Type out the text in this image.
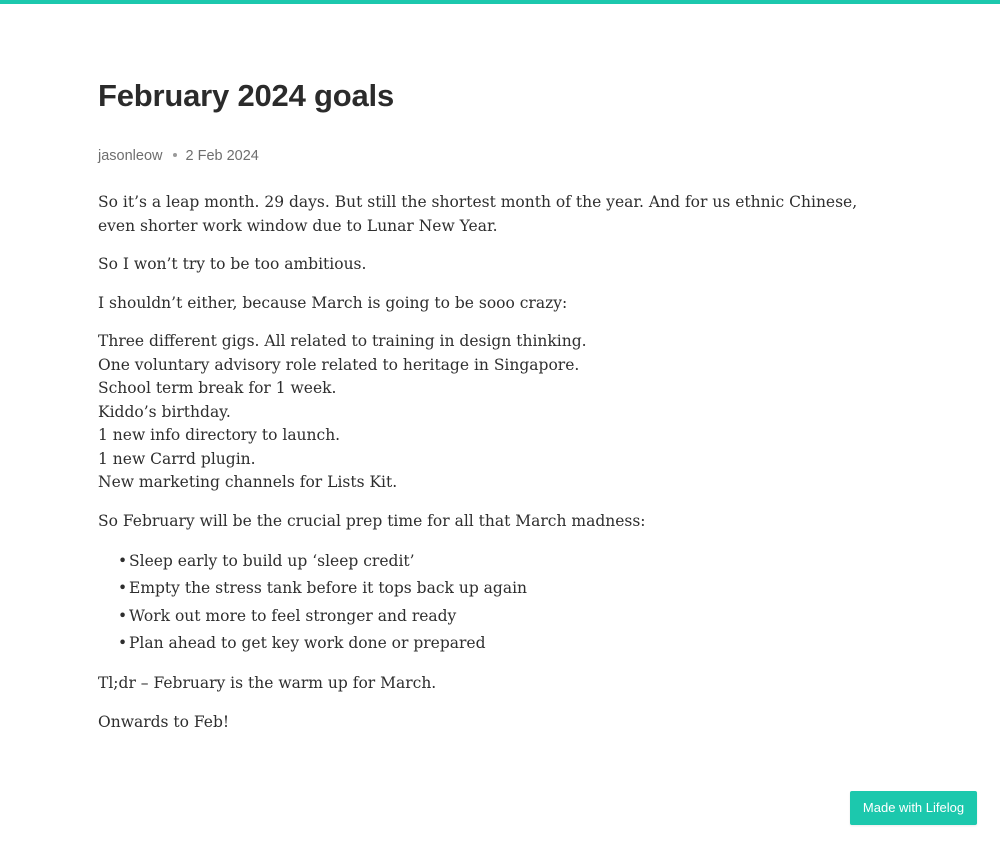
February 2024 goals
jasonleow 2 Feb 2024

So it’s a leap month. 29 days. But still the shortest month of the year. And for us ethnic Chinese, even shorter work window due to Lunar New Year.

So I won’t try to be too ambitious.

I shouldn’t either, because March is going to be sooo crazy:

Three different gigs. All related to training in design thinking.
One voluntary advisory role related to heritage in Singapore.
School term break for 1 week.
Kiddo’s birthday.
1 new info directory to launch.
1 new Carrd plugin.
New marketing channels for Lists Kit.

So February will be the crucial prep time for all that March madness:

• Sleep early to build up ‘sleep credit’
• Empty the stress tank before it tops back up again
• Work out more to feel stronger and ready
• Plan ahead to get key work done or prepared

Tl;dr – February is the warm up for March.

Onwards to Feb!

Made with Lifelog
